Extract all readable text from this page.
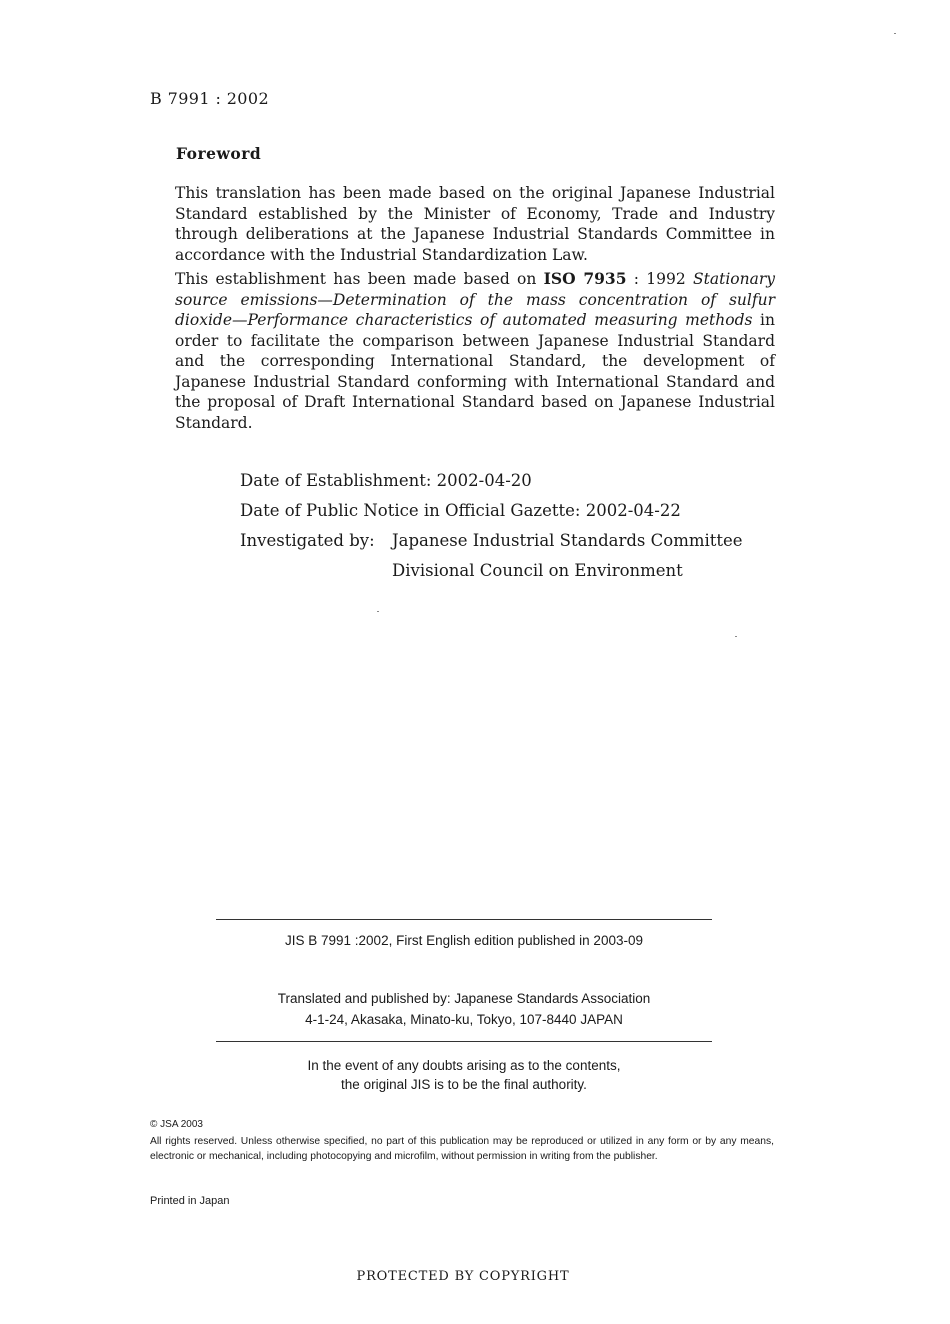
B 7991 : 2002
Foreword

This translation has been made based on the original Japanese Industrial Standard established by the Minister of Economy, Trade and Industry through deliberations at the Japanese Industrial Standards Committee in accordance with the Industrial Standardization Law.

This establishment has been made based on ISO 7935 : 1992 Stationary source emissions—Determination of the mass concentration of sulfur dioxide—Performance characteristics of automated measuring methods in order to facilitate the comparison between Japanese Industrial Standard and the corresponding International Standard, the development of Japanese Industrial Standard conforming with International Standard and the proposal of Draft International Standard based on Japanese Industrial Standard.

Date of Establishment: 2002-04-20
Date of Public Notice in Official Gazette: 2002-04-22
Investigated by: Japanese Industrial Standards Committee
Divisional Council on Environment
JIS B 7991 :2002, First English edition published in 2003-09
Translated and published by: Japanese Standards Association
4-1-24, Akasaka, Minato-ku, Tokyo, 107-8440 JAPAN
In the event of any doubts arising as to the contents,
the original JIS is to be the final authority.
© JSA 2003

All rights reserved. Unless otherwise specified, no part of this publication may be reproduced or utilized in any form or by any means, electronic or mechanical, including photocopying and microfilm, without permission in writing from the publisher.

Printed in Japan
PROTECTED BY COPYRIGHT
